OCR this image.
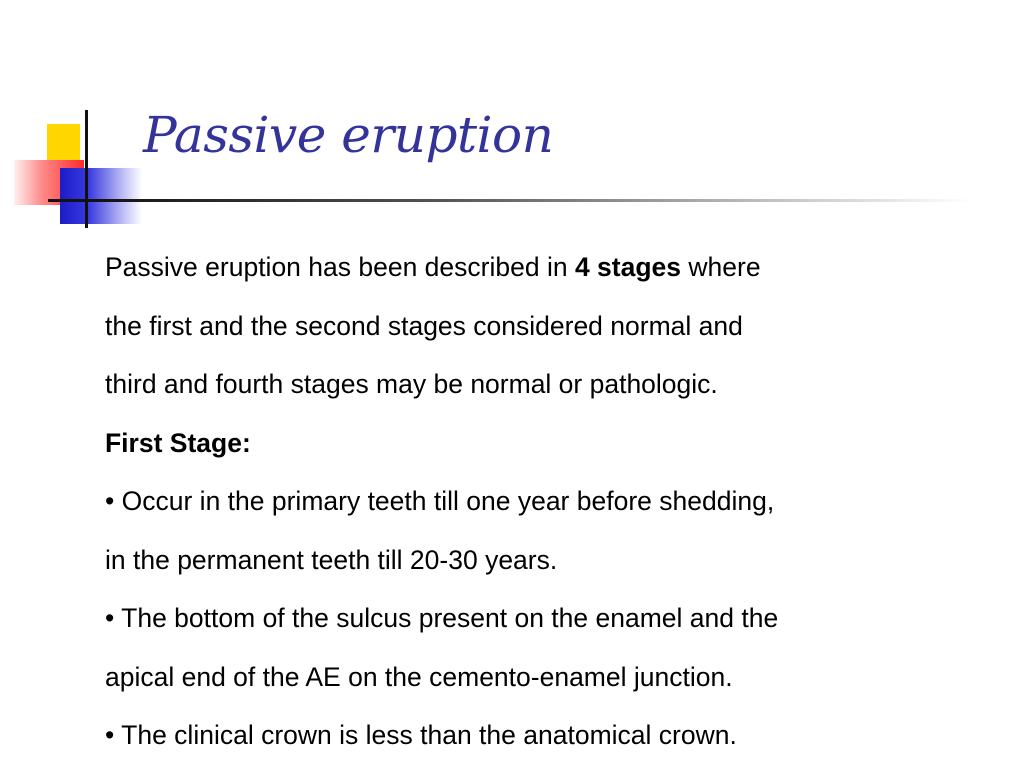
Passive eruption

Passive eruption has been described in 4 stages where

the first and the second stages considered normal and

third and fourth stages may be normal or pathologic.

First Stage:

• Occur in the primary teeth till one year before shedding,

in the permanent teeth till 20-30 years.

• The bottom of the sulcus present on the enamel and the

apical end of the AE on the cemento-enamel junction.

• The clinical crown is less than the anatomical crown.
